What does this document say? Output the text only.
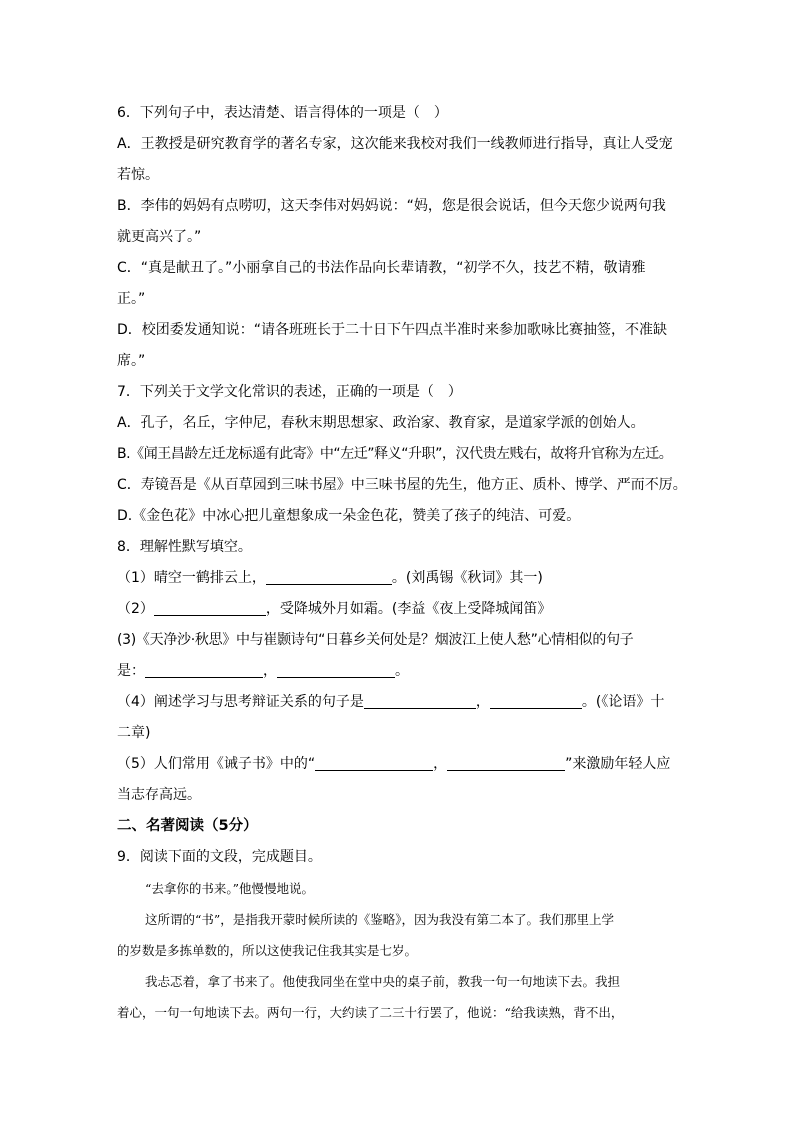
6．下列句子中，表达清楚、语言得体的一项是（　）
A．王教授是研究教育学的著名专家，这次能来我校对我们一线教师进行指导，真让人受宠
若惊。
B．李伟的妈妈有点唠叨，这天李伟对妈妈说：“妈，您是很会说话，但今天您少说两句我
就更高兴了。”
C．“真是献丑了。”小丽拿自己的书法作品向长辈请教，“初学不久，技艺不精，敬请雅
正。”
D．校团委发通知说：“请各班班长于二十日下午四点半准时来参加歌咏比赛抽签，不准缺
席。”
7．下列关于文学文化常识的表述，正确的一项是（　）
A．孔子，名丘，字仲尼，春秋末期思想家、政治家、教育家，是道家学派的创始人。
B.《闻王昌龄左迁龙标遥有此寄》中“左迁”释义“升职”，汉代贵左贱右，故将升官称为左迁。
C．寿镜吾是《从百草园到三味书屋》中三味书屋的先生，他方正、质朴、博学、严而不厉。
D.《金色花》中冰心把儿童想象成一朵金色花，赞美了孩子的纯洁、可爱。
8．理解性默写填空。
（1）晴空一鹤排云上，	。(刘禹锡《秋词》其一)
（2）	，受降城外月如霜。(李益《夜上受降城闻笛》
(3)《天净沙·秋思》中与崔颢诗句“日暮乡关何处是？烟波江上使人愁”心情相似的句子
是：	，	。
（4）阐述学习与思考辩证关系的句子是	，	。(《论语》十
二章)
（5）人们常用《诫子书》中的“	，	”来激励年轻人应
当志存高远。
二、名著阅读（5分）
9．阅读下面的文段，完成题目。
“去拿你的书来。”他慢慢地说。
这所谓的“书”，是指我开蒙时候所读的《鉴略》，因为我没有第二本了。我们那里上学
的岁数是多拣单数的，所以这使我记住我其实是七岁。
我忐忑着，拿了书来了。他使我同坐在堂中央的桌子前，教我一句一句地读下去。我担
着心，一句一句地读下去。两句一行，大约读了二三十行罢了，他说：“给我读熟，背不出，
